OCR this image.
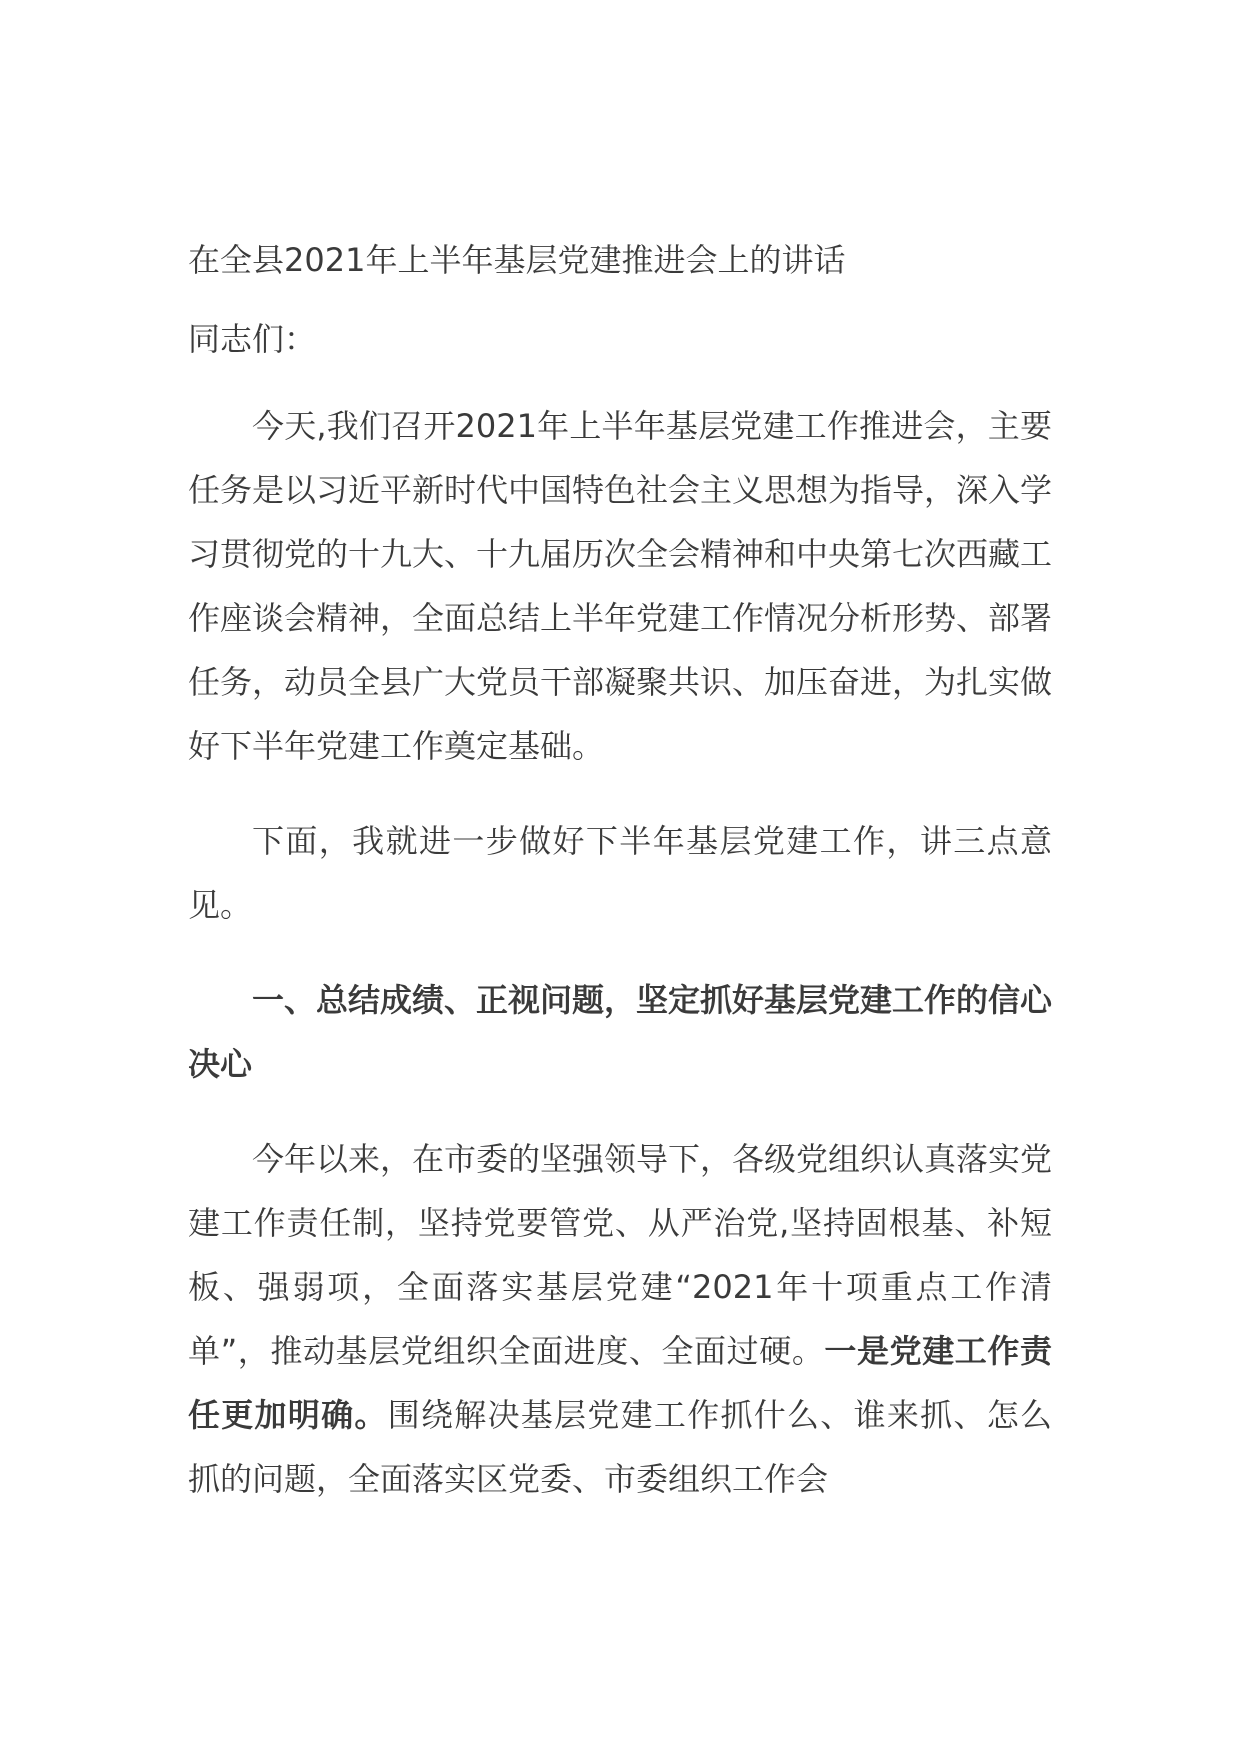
在全县2021年上半年基层党建推进会上的讲话
同志们：

今天,我们召开2021年上半年基层党建工作推进会，主要任务是以习近平新时代中国特色社会主义思想为指导，深入学习贯彻党的十九大、十九届历次全会精神和中央第七次西藏工作座谈会精神，全面总结上半年党建工作情况分析形势、部署任务，动员全县广大党员干部凝聚共识、加压奋进，为扎实做好下半年党建工作奠定基础。

下面，我就进一步做好下半年基层党建工作，讲三点意见。

一、总结成绩、正视问题，坚定抓好基层党建工作的信心决心

今年以来，在市委的坚强领导下，各级党组织认真落实党建工作责任制，坚持党要管党、从严治党,坚持固根基、补短板、强弱项，全面落实基层党建“2021年十项重点工作清单”，推动基层党组织全面进度、全面过硬。一是党建工作责任更加明确。围绕解决基层党建工作抓什么、谁来抓、怎么抓的问题，全面落实区党委、市委组织工作会
